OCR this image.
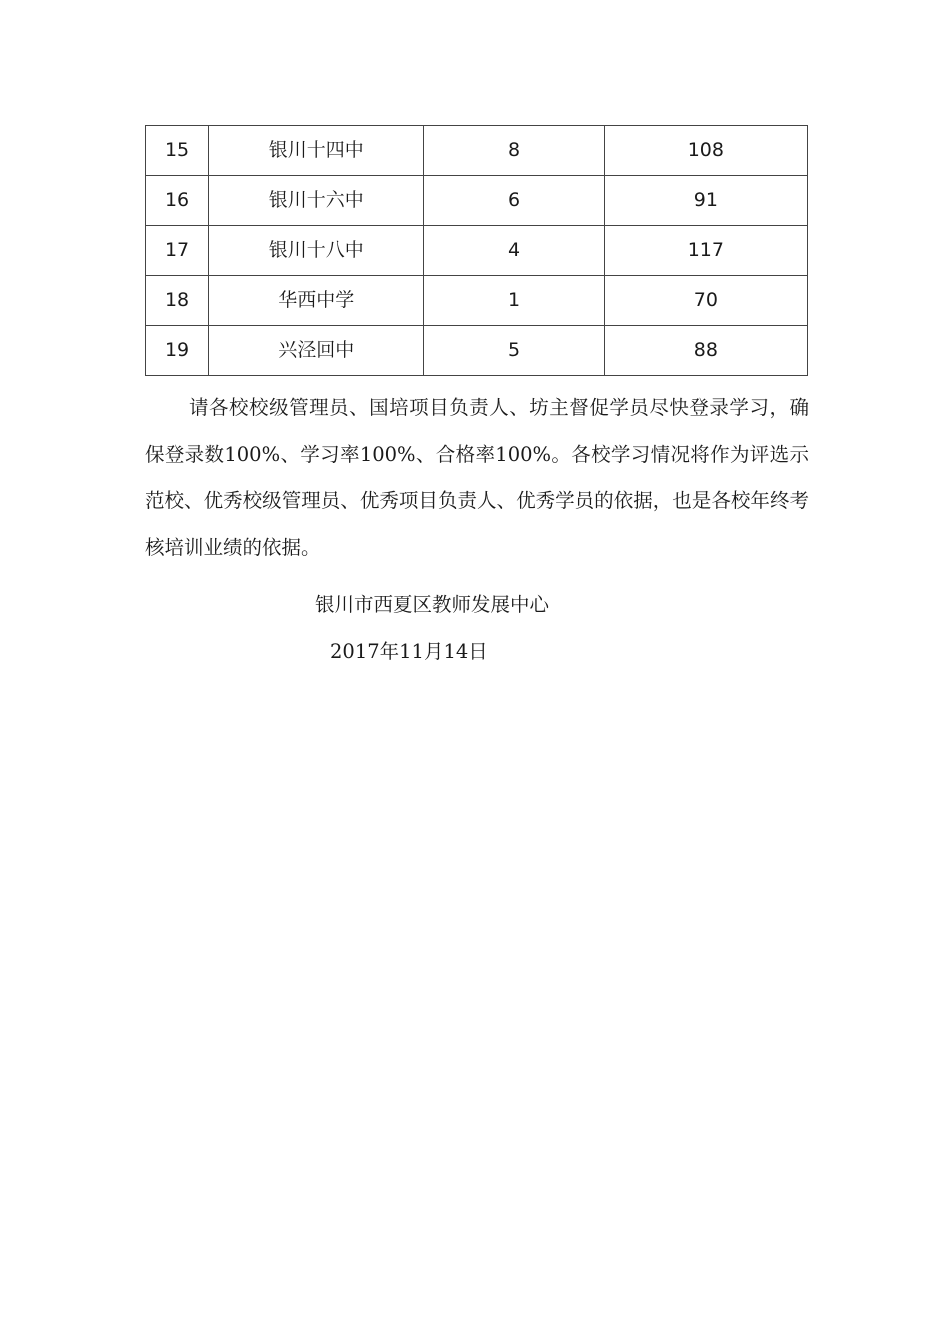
15	银川十四中	8	108
16	银川十六中	6	91
17	银川十八中	4	117
18	华西中学	1	70
19	兴泾回中	5	88

请各校校级管理员、国培项目负责人、坊主督促学员尽快登录学习，确保登录数100%、学习率100%、合格率100%。各校学习情况将作为评选示范校、优秀校级管理员、优秀项目负责人、优秀学员的依据，也是各校年终考核培训业绩的依据。

银川市西夏区教师发展中心

2017年11月14日
